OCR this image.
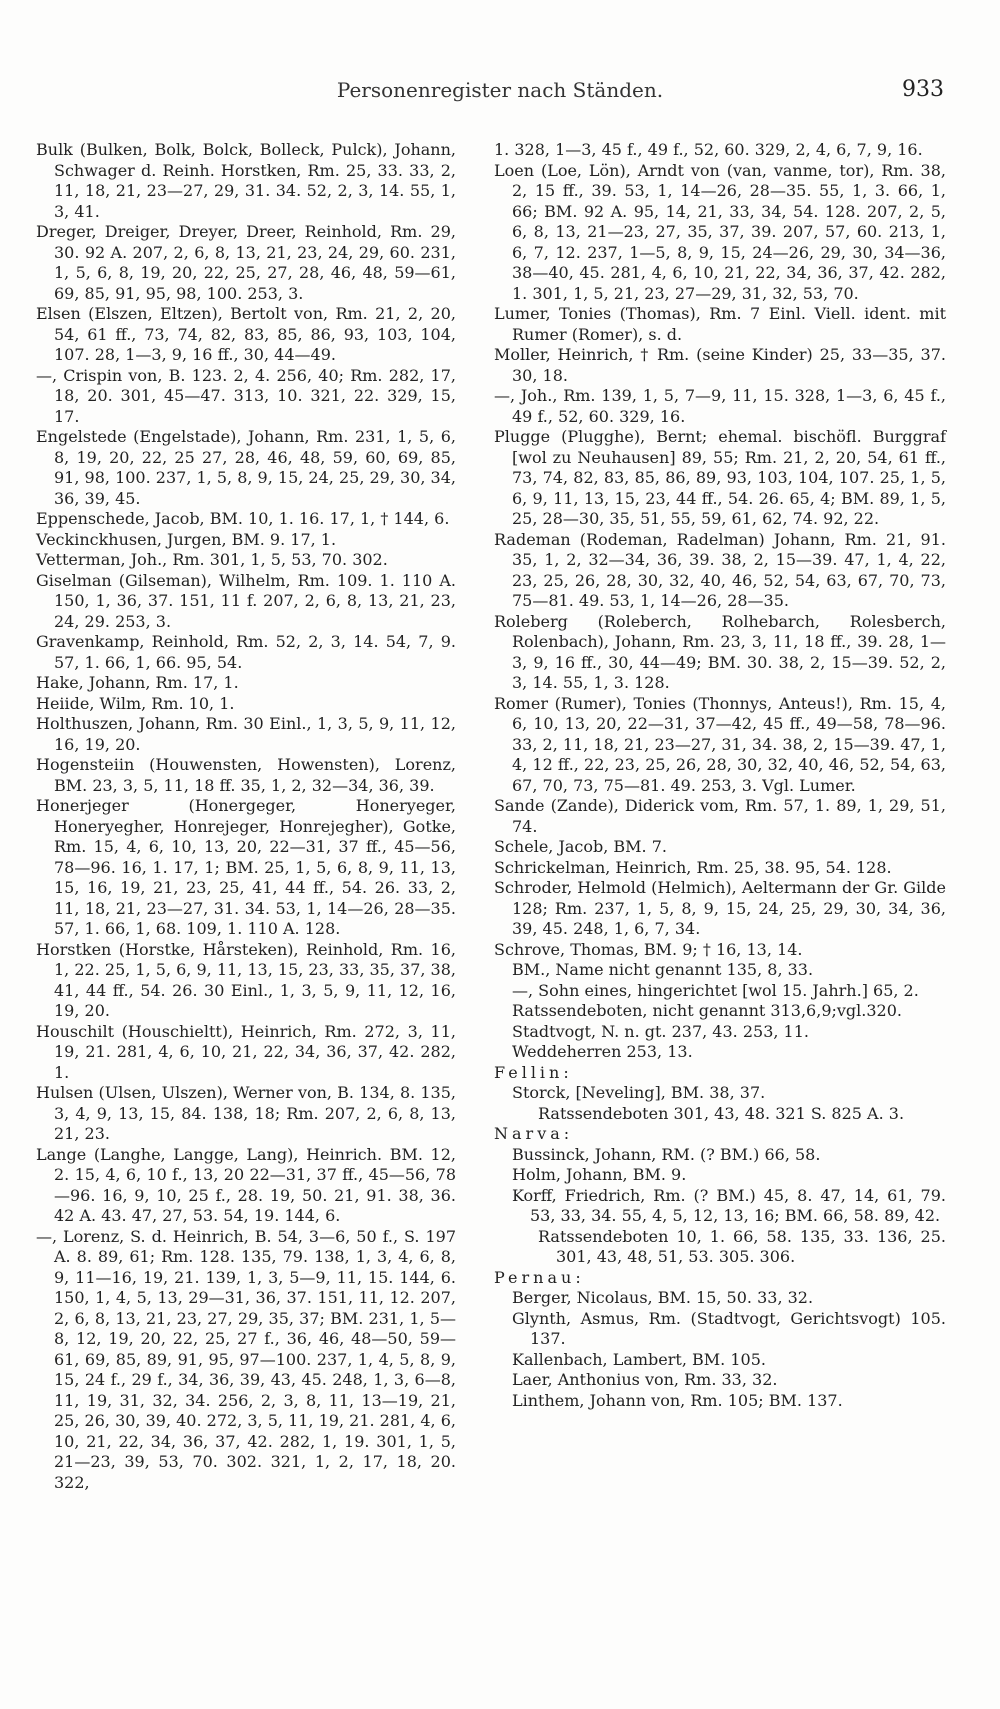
Personenregister nach Ständen.	933

Bulk (Bulken, Bolk, Bolck, Bolleck, Pulck), Johann, Schwager d. Reinh. Horstken, Rm. 25, 33. 33, 2, 11, 18, 21, 23—27, 29, 31. 34. 52, 2, 3, 14. 55, 1, 3, 41.

Dreger, Dreiger, Dreyer, Dreer, Reinhold, Rm. 29, 30. 92 A. 207, 2, 6, 8, 13, 21, 23, 24, 29, 60. 231, 1, 5, 6, 8, 19, 20, 22, 25, 27, 28, 46, 48, 59—61, 69, 85, 91, 95, 98, 100. 253, 3.

Elsen (Elszen, Eltzen), Bertolt von, Rm. 21, 2, 20, 54, 61 ff., 73, 74, 82, 83, 85, 86, 93, 103, 104, 107. 28, 1—3, 9, 16 ff., 30, 44—49.

—, Crispin von, B. 123. 2, 4. 256, 40; Rm. 282, 17, 18, 20. 301, 45—47. 313, 10. 321, 22. 329, 15, 17.

Engelstede (Engelstade), Johann, Rm. 231, 1, 5, 6, 8, 19, 20, 22, 25 27, 28, 46, 48, 59, 60, 69, 85, 91, 98, 100. 237, 1, 5, 8, 9, 15, 24, 25, 29, 30, 34, 36, 39, 45.

Eppenschede, Jacob, BM. 10, 1. 16. 17, 1, † 144, 6.

Veckinckhusen, Jurgen, BM. 9. 17, 1.

Vetterman, Joh., Rm. 301, 1, 5, 53, 70. 302.

Giselman (Gilseman), Wilhelm, Rm. 109. 1. 110 A. 150, 1, 36, 37. 151, 11 f. 207, 2, 6, 8, 13, 21, 23, 24, 29. 253, 3.

Gravenkamp, Reinhold, Rm. 52, 2, 3, 14. 54, 7, 9. 57, 1. 66, 1, 66. 95, 54.

Hake, Johann, Rm. 17, 1.

Heiide, Wilm, Rm. 10, 1.

Holthuszen, Johann, Rm. 30 Einl., 1, 3, 5, 9, 11, 12, 16, 19, 20.

Hogensteiin (Houwensten, Howensten), Lorenz, BM. 23, 3, 5, 11, 18 ff. 35, 1, 2, 32—34, 36, 39.

Honerjeger (Honergeger, Honeryeger, Honeryegher, Honrejeger, Honrejegher), Gotke, Rm. 15, 4, 6, 10, 13, 20, 22—31, 37 ff., 45—56, 78—96. 16, 1. 17, 1; BM. 25, 1, 5, 6, 8, 9, 11, 13, 15, 16, 19, 21, 23, 25, 41, 44 ff., 54. 26. 33, 2, 11, 18, 21, 23—27, 31. 34. 53, 1, 14—26, 28—35. 57, 1. 66, 1, 68. 109, 1. 110 A. 128.

Horstken (Horstke, Hårsteken), Reinhold, Rm. 16, 1, 22. 25, 1, 5, 6, 9, 11, 13, 15, 23, 33, 35, 37, 38, 41, 44 ff., 54. 26. 30 Einl., 1, 3, 5, 9, 11, 12, 16, 19, 20.

Houschilt (Houschieltt), Heinrich, Rm. 272, 3, 11, 19, 21. 281, 4, 6, 10, 21, 22, 34, 36, 37, 42. 282, 1.

Hulsen (Ulsen, Ulszen), Werner von, B. 134, 8. 135, 3, 4, 9, 13, 15, 84. 138, 18; Rm. 207, 2, 6, 8, 13, 21, 23.

Lange (Langhe, Langge, Lang), Heinrich. BM. 12, 2. 15, 4, 6, 10 f., 13, 20 22—31, 37 ff., 45—56, 78—96. 16, 9, 10, 25 f., 28. 19, 50. 21, 91. 38, 36. 42 A. 43. 47, 27, 53. 54, 19. 144, 6.

—, Lorenz, S. d. Heinrich, B. 54, 3—6, 50 f., S. 197 A. 8. 89, 61; Rm. 128. 135, 79. 138, 1, 3, 4, 6, 8, 9, 11—16, 19, 21. 139, 1, 3, 5—9, 11, 15. 144, 6. 150, 1, 4, 5, 13, 29—31, 36, 37. 151, 11, 12. 207, 2, 6, 8, 13, 21, 23, 27, 29, 35, 37; BM. 231, 1, 5—8, 12, 19, 20, 22, 25, 27 f., 36, 46, 48—50, 59—61, 69, 85, 89, 91, 95, 97—100. 237, 1, 4, 5, 8, 9, 15, 24 f., 29 f., 34, 36, 39, 43, 45. 248, 1, 3, 6—8, 11, 19, 31, 32, 34. 256, 2, 3, 8, 11, 13—19, 21, 25, 26, 30, 39, 40. 272, 3, 5, 11, 19, 21. 281, 4, 6, 10, 21, 22, 34, 36, 37, 42. 282, 1, 19. 301, 1, 5, 21—23, 39, 53, 70. 302. 321, 1, 2, 17, 18, 20. 322,

1. 328, 1—3, 45 f., 49 f., 52, 60. 329, 2, 4, 6, 7, 9, 16.

Loen (Loe, Lön), Arndt von (van, vanme, tor), Rm. 38, 2, 15 ff., 39. 53, 1, 14—26, 28—35. 55, 1, 3. 66, 1, 66; BM. 92 A. 95, 14, 21, 33, 34, 54. 128. 207, 2, 5, 6, 8, 13, 21—23, 27, 35, 37, 39. 207, 57, 60. 213, 1, 6, 7, 12. 237, 1—5, 8, 9, 15, 24—26, 29, 30, 34—36, 38—40, 45. 281, 4, 6, 10, 21, 22, 34, 36, 37, 42. 282, 1. 301, 1, 5, 21, 23, 27—29, 31, 32, 53, 70.

Lumer, Tonies (Thomas), Rm. 7 Einl. Viell. ident. mit Rumer (Romer), s. d.

Moller, Heinrich, † Rm. (seine Kinder) 25, 33—35, 37. 30, 18.

—, Joh., Rm. 139, 1, 5, 7—9, 11, 15. 328, 1—3, 6, 45 f., 49 f., 52, 60. 329, 16.

Plugge (Plugghe), Bernt; ehemal. bischöfl. Burggraf [wol zu Neuhausen] 89, 55; Rm. 21, 2, 20, 54, 61 ff., 73, 74, 82, 83, 85, 86, 89, 93, 103, 104, 107. 25, 1, 5, 6, 9, 11, 13, 15, 23, 44 ff., 54. 26. 65, 4; BM. 89, 1, 5, 25, 28—30, 35, 51, 55, 59, 61, 62, 74. 92, 22.

Rademan (Rodeman, Radelman) Johann, Rm. 21, 91. 35, 1, 2, 32—34, 36, 39. 38, 2, 15—39. 47, 1, 4, 22, 23, 25, 26, 28, 30, 32, 40, 46, 52, 54, 63, 67, 70, 73, 75—81. 49. 53, 1, 14—26, 28—35.

Roleberg (Roleberch, Rolhebarch, Rolesberch, Rolenbach), Johann, Rm. 23, 3, 11, 18 ff., 39. 28, 1—3, 9, 16 ff., 30, 44—49; BM. 30. 38, 2, 15—39. 52, 2, 3, 14. 55, 1, 3. 128.

Romer (Rumer), Tonies (Thonnys, Anteus!), Rm. 15, 4, 6, 10, 13, 20, 22—31, 37—42, 45 ff., 49—58, 78—96. 33, 2, 11, 18, 21, 23—27, 31, 34. 38, 2, 15—39. 47, 1, 4, 12 ff., 22, 23, 25, 26, 28, 30, 32, 40, 46, 52, 54, 63, 67, 70, 73, 75—81. 49. 253, 3. Vgl. Lumer.

Sande (Zande), Diderick vom, Rm. 57, 1. 89, 1, 29, 51, 74.

Schele, Jacob, BM. 7.

Schrickelman, Heinrich, Rm. 25, 38. 95, 54. 128.

Schroder, Helmold (Helmich), Aeltermann der Gr. Gilde 128; Rm. 237, 1, 5, 8, 9, 15, 24, 25, 29, 30, 34, 36, 39, 45. 248, 1, 6, 7, 34.

Schrove, Thomas, BM. 9; † 16, 13, 14.

BM., Name nicht genannt 135, 8, 33.

—, Sohn eines, hingerichtet [wol 15. Jahrh.] 65, 2.

Ratssendeboten, nicht genannt 313,6,9;vgl.320.

Stadtvogt, N. n. gt. 237, 43. 253, 11.

Weddeherren 253, 13.

Fellin:

Storck, [Neveling], BM. 38, 37.

Ratssendeboten 301, 43, 48. 321 S. 825 A. 3.

Narva:

Bussinck, Johann, RM. (? BM.) 66, 58.

Holm, Johann, BM. 9.

Korff, Friedrich, Rm. (? BM.) 45, 8. 47, 14, 61, 79. 53, 33, 34. 55, 4, 5, 12, 13, 16; BM. 66, 58. 89, 42.

Ratssendeboten 10, 1. 66, 58. 135, 33. 136, 25. 301, 43, 48, 51, 53. 305. 306.

Pernau:

Berger, Nicolaus, BM. 15, 50. 33, 32.

Glynth, Asmus, Rm. (Stadtvogt, Gerichtsvogt) 105. 137.

Kallenbach, Lambert, BM. 105.

Laer, Anthonius von, Rm. 33, 32.

Linthem, Johann von, Rm. 105; BM. 137.
